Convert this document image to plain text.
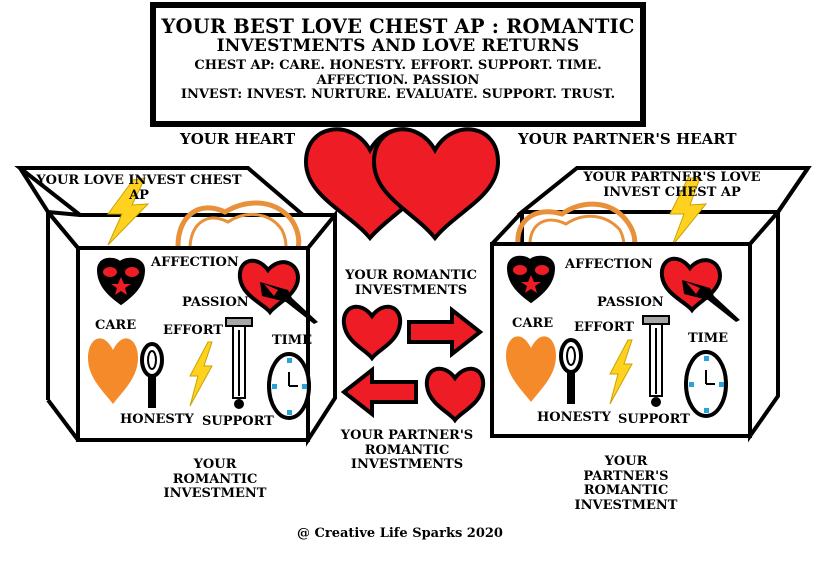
YOUR BEST LOVE CHEST AP : ROMANTIC
INVESTMENTS AND LOVE RETURNS
CHEST AP: CARE. HONESTY. EFFORT. SUPPORT. TIME.
AFFECTION. PASSION
INVEST: INVEST. NURTURE. EVALUATE. SUPPORT. TRUST.
YOUR HEART	YOUR PARTNER'S HEART
YOUR LOVE INVEST CHEST
AP
AFFECTION
PASSION
CARE EFFORT
TIME
HONESTY SUPPORT
YOUR
ROMANTIC
INVESTMENT
YOUR PARTNER'S LOVE
INVEST CHEST AP
AFFECTION
PASSION
CARE EFFORT
TIME
HONESTY SUPPORT
YOUR
PARTNER'S
ROMANTIC
INVESTMENT
YOUR ROMANTIC
INVESTMENTS
YOUR PARTNER'S
ROMANTIC
INVESTMENTS
@ Creative Life Sparks 2020
